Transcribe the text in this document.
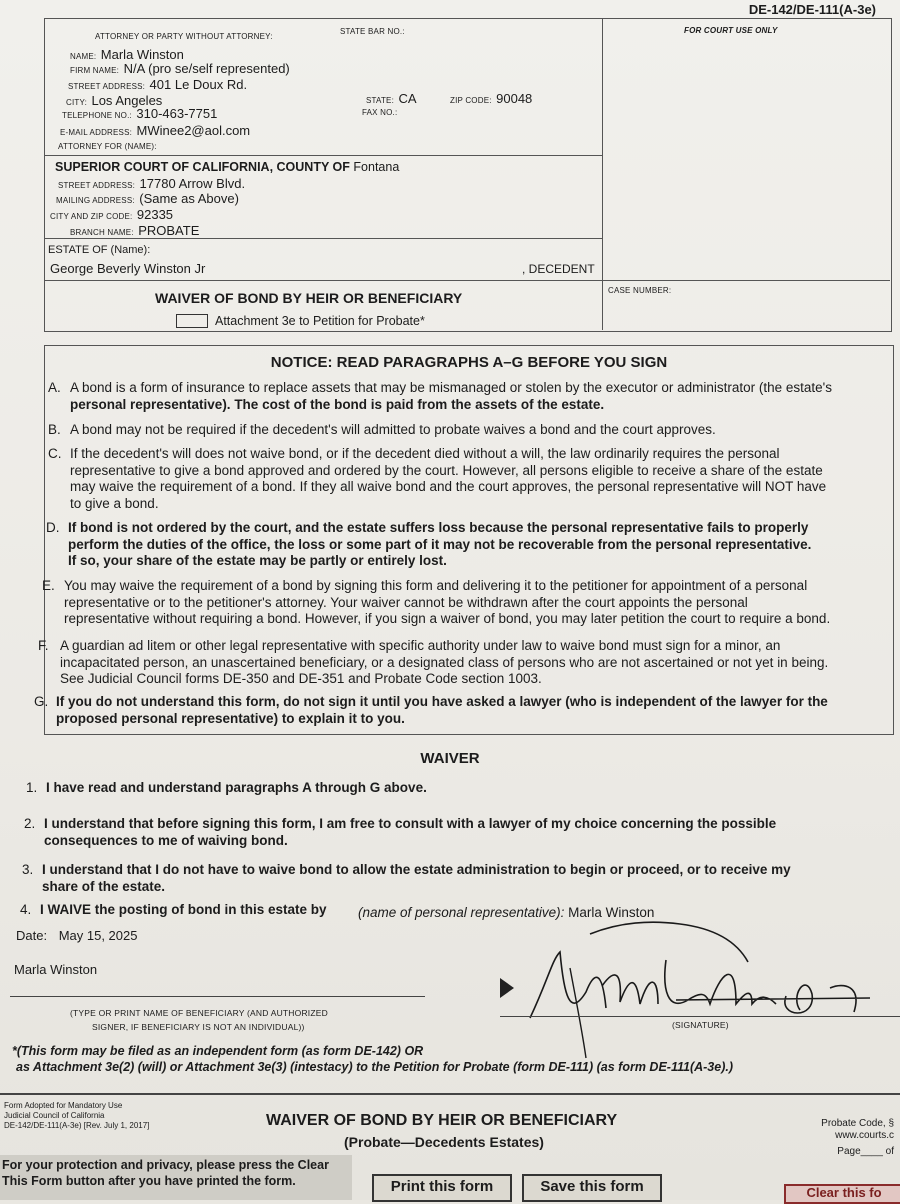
DE-142/DE-111(A-3e)
ATTORNEY OR PARTY WITHOUT ATTORNEY:
STATE BAR NO.:	FOR COURT USE ONLY
NAME: Marla Winston
FIRM NAME: N/A (pro se/self represented)
STREET ADDRESS: 401 Le Doux Rd.
CITY: Los Angeles	STATE: CA	ZIP CODE: 90048
TELEPHONE NO.: 310-463-7751	FAX NO.:
E-MAIL ADDRESS: MWinee2@aol.com
ATTORNEY FOR (NAME):
SUPERIOR COURT OF CALIFORNIA, COUNTY OF Fontana
STREET ADDRESS: 17780 Arrow Blvd.
MAILING ADDRESS: (Same as Above)
CITY AND ZIP CODE: 92335
BRANCH NAME: PROBATE
ESTATE OF (Name):
George Beverly Winston Jr	, DECEDENT
WAIVER OF BOND BY HEIR OR BENEFICIARY
Attachment 3e to Petition for Probate*
CASE NUMBER:
NOTICE: READ PARAGRAPHS A–G BEFORE YOU SIGN
A. A bond is a form of insurance to replace assets that may be mismanaged or stolen by the executor or administrator (the estate's
personal representative). The cost of the bond is paid from the assets of the estate.
B. A bond may not be required if the decedent's will admitted to probate waives a bond and the court approves.
C. If the decedent's will does not waive bond, or if the decedent died without a will, the law ordinarily requires the personal
representative to give a bond approved and ordered by the court. However, all persons eligible to receive a share of the estate
may waive the requirement of a bond. If they all waive bond and the court approves, the personal representative will NOT have
to give a bond.
D. If bond is not ordered by the court, and the estate suffers loss because the personal representative fails to properly
perform the duties of the office, the loss or some part of it may not be recoverable from the personal representative.
If so, your share of the estate may be partly or entirely lost.
E. You may waive the requirement of a bond by signing this form and delivering it to the petitioner for appointment of a personal
representative or to the petitioner's attorney. Your waiver cannot be withdrawn after the court appoints the personal
representative without requiring a bond. However, if you sign a waiver of bond, you may later petition the court to require a bond.
F. A guardian ad litem or other legal representative with specific authority under law to waive bond must sign for a minor, an
incapacitated person, an unascertained beneficiary, or a designated class of persons who are not ascertained or not yet in being.
See Judicial Council forms DE-350 and DE-351 and Probate Code section 1003.
G. If you do not understand this form, do not sign it until you have asked a lawyer (who is independent of the lawyer for the
proposed personal representative) to explain it to you.
WAIVER
1. I have read and understand paragraphs A through G above.
2. I understand that before signing this form, I am free to consult with a lawyer of my choice concerning the possible
consequences to me of waiving bond.
3. I understand that I do not have to waive bond to allow the estate administration to begin or proceed, or to receive my
share of the estate.
4. I WAIVE the posting of bond in this estate by (name of personal representative): Marla Winston
Date: May 15, 2025
Marla Winston
(TYPE OR PRINT NAME OF BENEFICIARY (AND AUTHORIZED
SIGNER, IF BENEFICIARY IS NOT AN INDIVIDUAL))	(SIGNATURE)
*(This form may be filed as an independent form (as form DE-142) OR
as Attachment 3e(2) (will) or Attachment 3e(3) (intestacy) to the Petition for Probate (form DE-111) (as form DE-111(A-3e).)
Form Adopted for Mandatory Use
Judicial Council of California
DE-142/DE-111(A-3e) [Rev. July 1, 2017]	WAIVER OF BOND BY HEIR OR BENEFICIARY
(Probate—Decedents Estates)
Probate Code, §
www.courts.c
Page____ of
For your protection and privacy, please press the Clear
This Form button after you have printed the form.	Print this form	Save this form	Clear this fo
